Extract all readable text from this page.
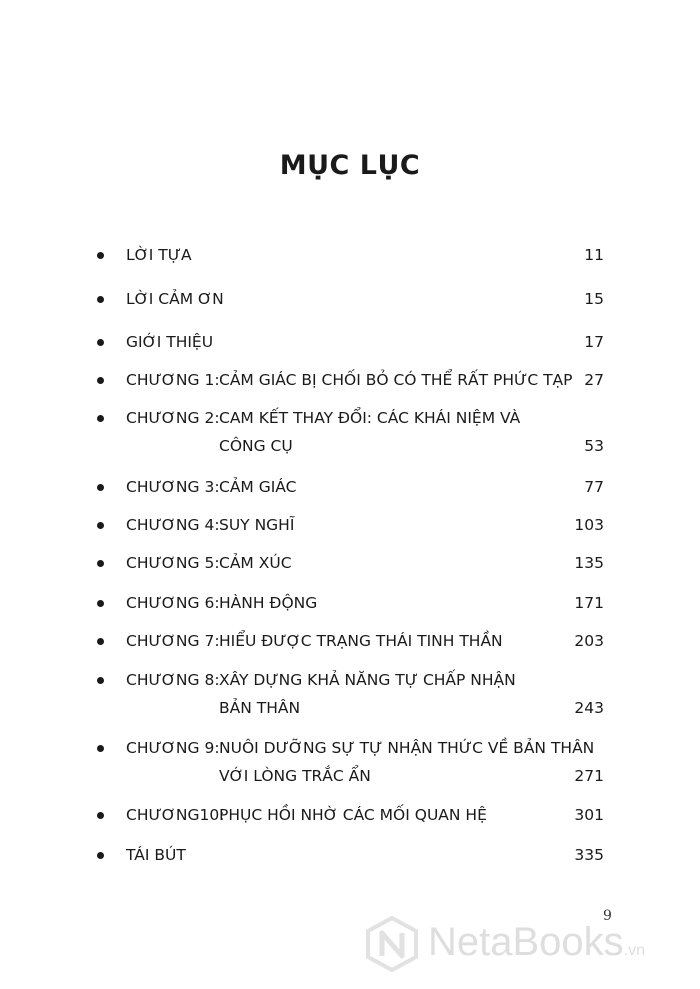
MỤC LỤC
LỜI TỰA	11
LỜI CẢM ƠN	15
GIỚI THIỆU	17
CHƯƠNG 1:CẢM GIÁC BỊ CHỐI BỎ CÓ THỂ RẤT PHỨC TẠP 27
CHƯƠNG 2:CAM KẾT THAY ĐỔI: CÁC KHÁI NIỆM VÀ
CÔNG CỤ	53
CHƯƠNG 3:CẢM GIÁC	77
CHƯƠNG 4:SUY NGHĨ	103
CHƯƠNG 5:CẢM XÚC	135
CHƯƠNG 6:HÀNH ĐỘNG	171
CHƯƠNG 7:HIỂU ĐƯỢC TRẠNG THÁI TINH THẦN	203
CHƯƠNG 8:XÂY DỰNG KHẢ NĂNG TỰ CHẤP NHẬN
BẢN THÂN	243
CHƯƠNG 9:NUÔI DƯỠNG SỰ TỰ NHẬN THỨC VỀ BẢN THÂN
VỚI LÒNG TRẮC ẨN	271
CHƯƠNG10:PHỤC HỒI NHỜ CÁC MỐI QUAN HỆ	301
TÁI BÚT	335
9
NetaBooks.vn
